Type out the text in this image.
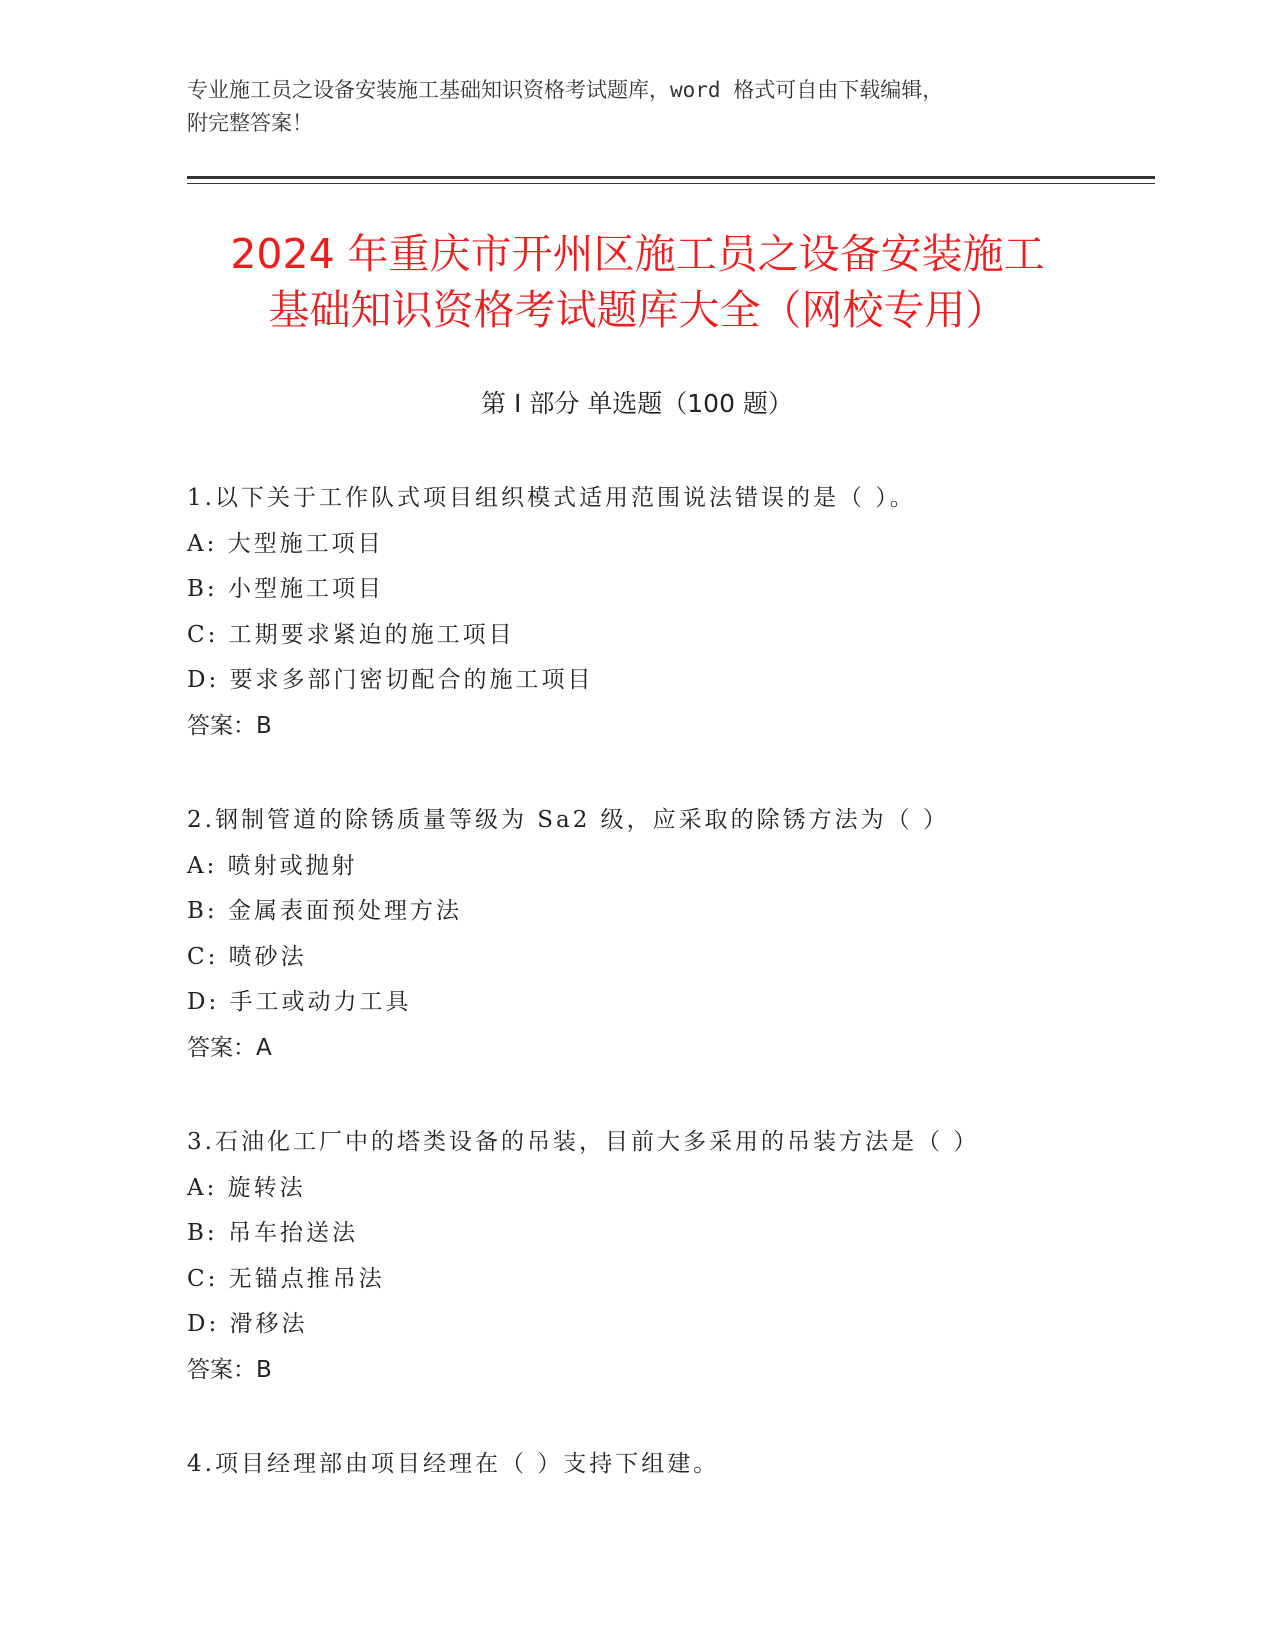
专业施工员之设备安装施工基础知识资格考试题库，word 格式可自由下载编辑，
附完整答案！
2024 年重庆市开州区施工员之设备安装施工
基础知识资格考试题库大全（网校专用）
第 I 部分 单选题（100 题）
1.以下关于工作队式项目组织模式适用范围说法错误的是（ ）。
A: 大型施工项目
B: 小型施工项目
C: 工期要求紧迫的施工项目
D: 要求多部门密切配合的施工项目
答案：B
2.钢制管道的除锈质量等级为 Sa2 级，应采取的除锈方法为（ ）
A: 喷射或抛射
B: 金属表面预处理方法
C: 喷砂法
D: 手工或动力工具
答案：A
3.石油化工厂中的塔类设备的吊装，目前大多采用的吊装方法是（ ）
A: 旋转法
B: 吊车抬送法
C: 无锚点推吊法
D: 滑移法
答案：B
4.项目经理部由项目经理在（ ）支持下组建。
